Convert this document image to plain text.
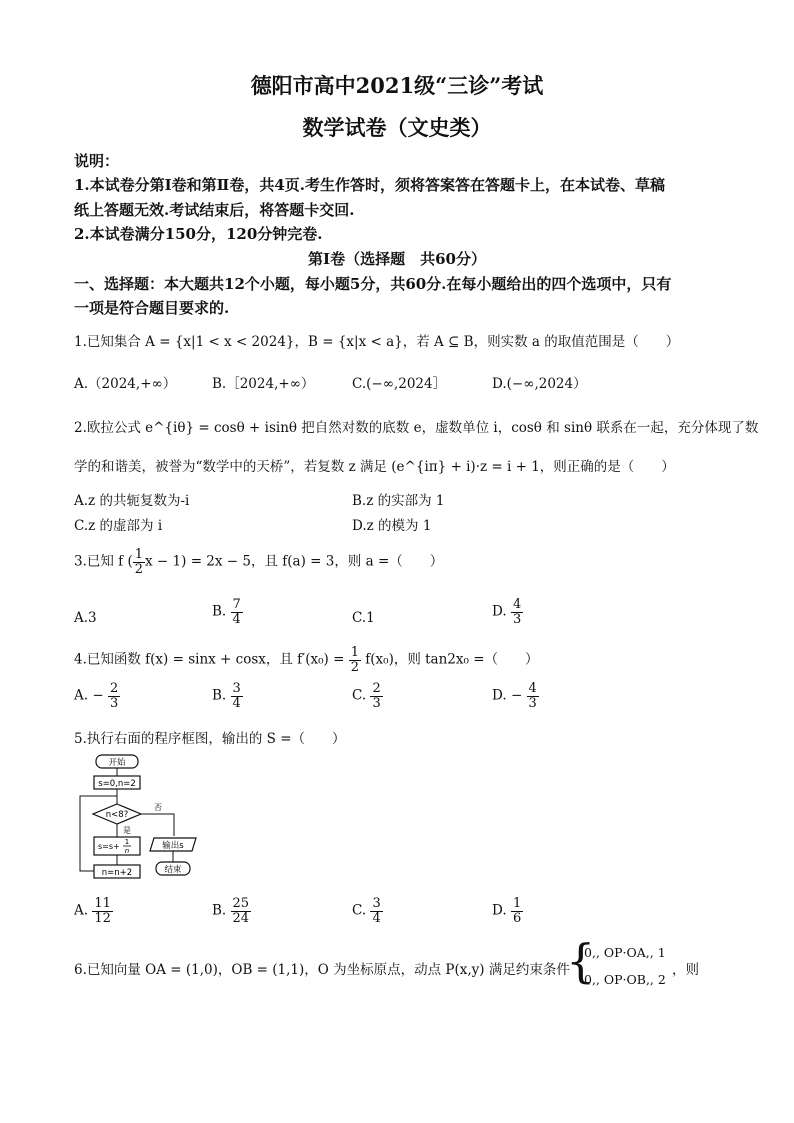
德阳市高中2021级“三诊”考试
数学试卷（文史类）
说明：
1.本试卷分第Ⅰ卷和第Ⅱ卷，共4页.考生作答时，须将答案答在答题卡上，在本试卷、草稿
纸上答题无效.考试结束后，将答题卡交回.
2.本试卷满分150分，120分钟完卷.
第Ⅰ卷（选择题　共60分）
一、选择题：本大题共12个小题，每小题5分，共60分.在每小题给出的四个选项中，只有
一项是符合题目要求的.
1.已知集合 A = {x|1 < x < 2024}，B = {x|x < a}，若 A ⊆ B，则实数 a 的取值范围是（　　）
A.（2024,+∞）	B.［2024,+∞）	C.(−∞,2024］	D.(−∞,2024）
2.欧拉公式 e^{iθ} = cosθ + isinθ 把自然对数的底数 e，虚数单位 i，cosθ 和 sinθ 联系在一起，充分体现了数
学的和谐美，被誉为“数学中的天桥”，若复数 z 满足 (e^{iπ} + i)·z = i + 1，则正确的是（　　）
A.z 的共轭复数为-i	B.z 的实部为 1
C.z 的虚部为 i	D.z 的模为 1
3.已知 f ( $\frac{1}{2}$ x − 1) = 2x − 5，且 f(a) = 3，则 a =（　　）
A.3	B. $\frac{7}{4}$	C.1	D. $\frac{4}{3}$
4.已知函数 f(x) = sinx + cosx，且 $f'(x_0) = \frac{1}{2} f(x_0)$，则 tan2x₀ =（　　）
A. − $\frac{2}{3}$	B. $\frac{3}{4}$	C. $\frac{2}{3}$	D. − $\frac{4}{3}$
5.执行右面的程序框图，输出的 S =（　　）
开始
s=0,n=2
n<8?
否
输出s
结束
是
s=s+ 1
n
n=n+2
A. $\frac{11}{12}$	B. $\frac{25}{24}$	C. $\frac{3}{4}$	D. $\frac{1}{6}$
6.已知向量 OA = (1,0)，OB = (1,1)，O 为坐标原点，动点 P(x,y) 满足约束条件
{
0,, OP·OA,, 1
0,, OP·OB,, 2
，则
